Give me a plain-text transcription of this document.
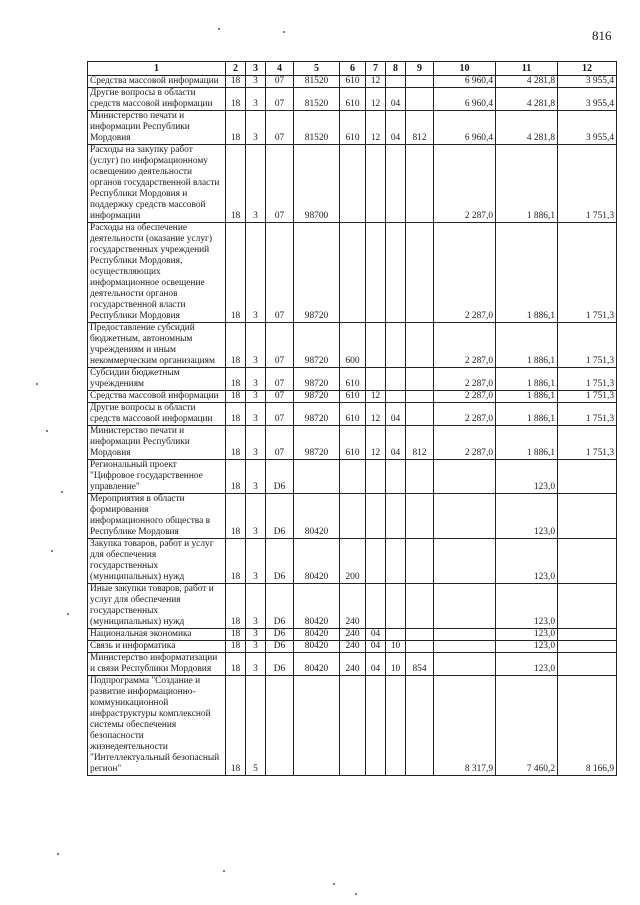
816
1	2	3	4	5	6	7	8	9	10	11	12
Средства массовой информации	18	3	07	81520	610	12			6 960,4	4 281,8	3 955,4
Другие вопросы в области средств массовой информации	18	3	07	81520	610	12	04		6 960,4	4 281,8	3 955,4
Министерство печати и информации Республики Мордовия	18	3	07	81520	610	12	04	812	6 960,4	4 281,8	3 955,4
Расходы на закупку работ (услуг) по информационному освещению деятельности органов государственной власти Республики Мордовия и поддержку средств массовой информации	18	3	07	98700					2 287,0	1 886,1	1 751,3
Расходы на обеспечение деятельности (оказание услуг) государственных учреждений Республики Мордовия, осуществляющих информационное освещение деятельности органов государственной власти Республики Мордовия	18	3	07	98720					2 287,0	1 886,1	1 751,3
Предоставление субсидий бюджетным, автономным учреждениям и иным некоммерческим организациям	18	3	07	98720	600				2 287,0	1 886,1	1 751,3
Субсидии бюджетным учреждениям	18	3	07	98720	610				2 287,0	1 886,1	1 751,3
Средства массовой информации	18	3	07	98720	610	12			2 287,0	1 886,1	1 751,3
Другие вопросы в области средств массовой информации	18	3	07	98720	610	12	04		2 287,0	1 886,1	1 751,3
Министерство печати и информации Республики Мордовия	18	3	07	98720	610	12	04	812	2 287,0	1 886,1	1 751,3
Региональный проект "Цифровое государственное управление"	18	3	D6							123,0	
Мероприятия в области формирования информационного общества в Республике Мордовия	18	3	D6	80420						123,0	
Закупка товаров, работ и услуг для обеспечения государственных (муниципальных) нужд	18	3	D6	80420	200					123,0	
Иные закупки товаров, работ и услуг для обеспечения государственных (муниципальных) нужд	18	3	D6	80420	240					123,0	
Национальная экономика	18	3	D6	80420	240	04				123,0	
Связь и информатика	18	3	D6	80420	240	04	10			123,0	
Министерство информатизации и связи Республики Мордовия	18	3	D6	80420	240	04	10	854		123,0	
Подпрограмма "Создание и развитие информационно-коммуникационной инфраструктуры комплексной системы обеспечения безопасности жизнедеятельности "Интеллектуальный безопасный регион"	18	5							8 317,9	7 460,2	8 166,9
